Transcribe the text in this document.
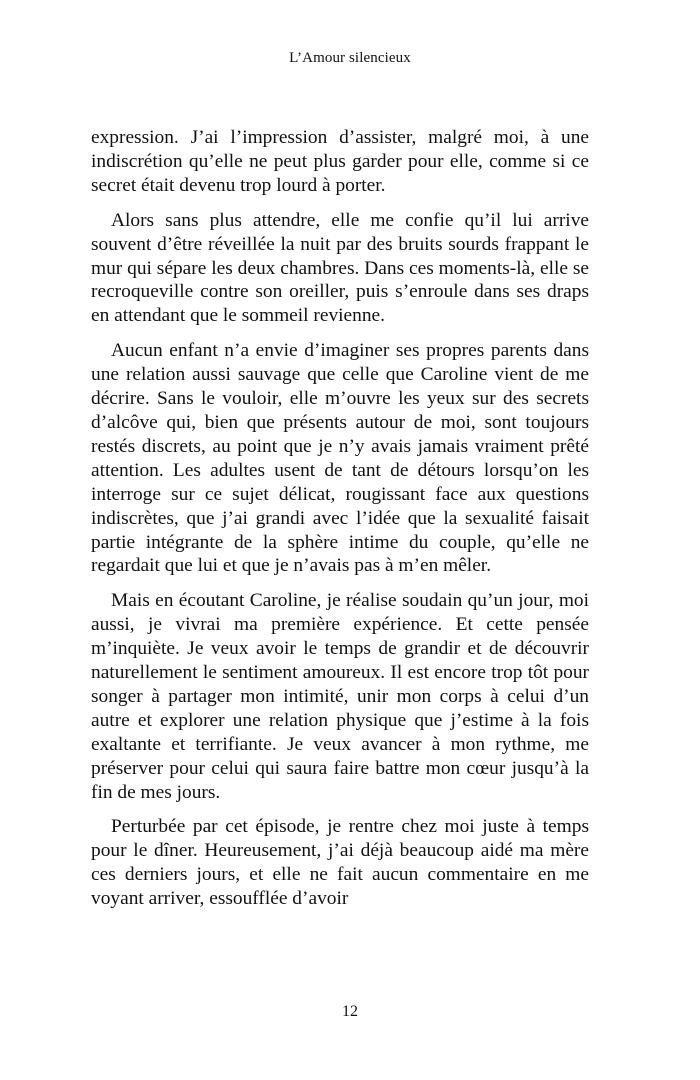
L’Amour silencieux

expression. J’ai l’impression d’assister, malgré moi, à une indiscrétion qu’elle ne peut plus garder pour elle, comme si ce secret était devenu trop lourd à porter.

Alors sans plus attendre, elle me confie qu’il lui arrive souvent d’être réveillée la nuit par des bruits sourds frappant le mur qui sépare les deux chambres. Dans ces moments-là, elle se recroqueville contre son oreiller, puis s’enroule dans ses draps en attendant que le sommeil revienne.

Aucun enfant n’a envie d’imaginer ses propres parents dans une relation aussi sauvage que celle que Caroline vient de me décrire. Sans le vouloir, elle m’ouvre les yeux sur des secrets d’alcôve qui, bien que présents autour de moi, sont toujours restés discrets, au point que je n’y avais jamais vraiment prêté attention. Les adultes usent de tant de détours lorsqu’on les interroge sur ce sujet délicat, rougissant face aux questions indiscrètes, que j’ai grandi avec l’idée que la sexualité faisait partie intégrante de la sphère intime du couple, qu’elle ne regardait que lui et que je n’avais pas à m’en mêler.

Mais en écoutant Caroline, je réalise soudain qu’un jour, moi aussi, je vivrai ma première expérience. Et cette pensée m’inquiète. Je veux avoir le temps de grandir et de découvrir naturellement le sentiment amoureux. Il est encore trop tôt pour songer à partager mon intimité, unir mon corps à celui d’un autre et explorer une relation physique que j’estime à la fois exaltante et terrifiante. Je veux avancer à mon rythme, me préserver pour celui qui saura faire battre mon cœur jusqu’à la fin de mes jours.

Perturbée par cet épisode, je rentre chez moi juste à temps pour le dîner. Heureusement, j’ai déjà beaucoup aidé ma mère ces derniers jours, et elle ne fait aucun commentaire en me voyant arriver, essoufflée d’avoir

12
